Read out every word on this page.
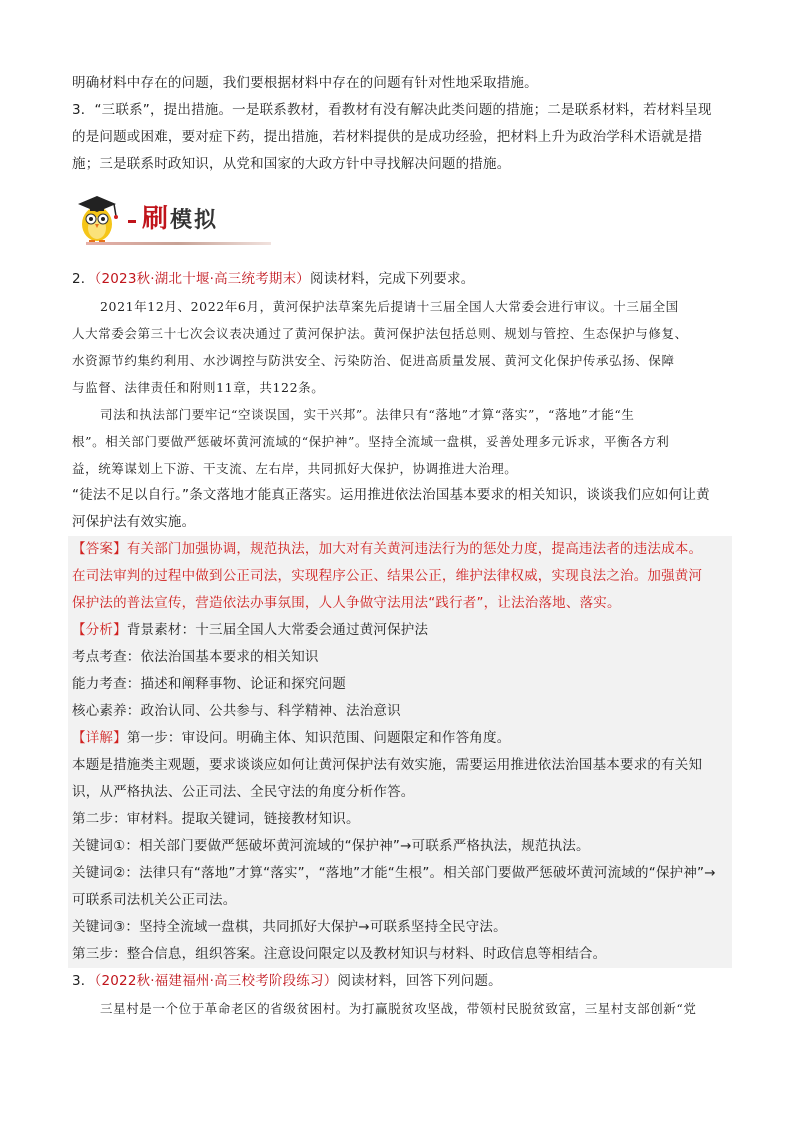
明确材料中存在的问题，我们要根据材料中存在的问题有针对性地采取措施。

3．“三联系”，提出措施。一是联系教材，看教材有没有解决此类问题的措施；二是联系材料，若材料呈现

的是问题或困难，要对症下药，提出措施，若材料提供的是成功经验，把材料上升为政治学科术语就是措

施；三是联系时政知识，从党和国家的大政方针中寻找解决问题的措施。

刷模拟

2．（2023秋·湖北十堰·高三统考期末）阅读材料，完成下列要求。

2021年12月、2022年6月，黄河保护法草案先后提请十三届全国人大常委会进行审议。十三届全国

人大常委会第三十七次会议表决通过了黄河保护法。黄河保护法包括总则、规划与管控、生态保护与修复、

水资源节约集约利用、水沙调控与防洪安全、污染防治、促进高质量发展、黄河文化保护传承弘扬、保障

与监督、法律责任和附则11章，共122条。

司法和执法部门要牢记“空谈误国，实干兴邦”。法律只有“落地”才算“落实”，“落地”才能“生

根”。相关部门要做严惩破坏黄河流域的“保护神”。坚持全流域一盘棋，妥善处理多元诉求，平衡各方利

益，统筹谋划上下游、干支流、左右岸，共同抓好大保护，协调推进大治理。

“徒法不足以自行。”条文落地才能真正落实。运用推进依法治国基本要求的相关知识，谈谈我们应如何让黄

河保护法有效实施。

【答案】有关部门加强协调，规范执法，加大对有关黄河违法行为的惩处力度，提高违法者的违法成本。

在司法审判的过程中做到公正司法，实现程序公正、结果公正，维护法律权威，实现良法之治。加强黄河

保护法的普法宣传，营造依法办事氛围，人人争做守法用法“践行者”，让法治落地、落实。

【分析】背景素材：十三届全国人大常委会通过黄河保护法

考点考查：依法治国基本要求的相关知识

能力考查：描述和阐释事物、论证和探究问题

核心素养：政治认同、公共参与、科学精神、法治意识

【详解】第一步：审设问。明确主体、知识范围、问题限定和作答角度。

本题是措施类主观题，要求谈谈应如何让黄河保护法有效实施，需要运用推进依法治国基本要求的有关知

识，从严格执法、公正司法、全民守法的角度分析作答。

第二步：审材料。提取关键词，链接教材知识。

关键词①：相关部门要做严惩破坏黄河流域的“保护神”→可联系严格执法，规范执法。

关键词②：法律只有“落地”才算“落实”，“落地”才能“生根”。相关部门要做严惩破坏黄河流域的“保护神”→

可联系司法机关公正司法。

关键词③：坚持全流域一盘棋，共同抓好大保护→可联系坚持全民守法。

第三步：整合信息，组织答案。注意设问限定以及教材知识与材料、时政信息等相结合。

3．（2022秋·福建福州·高三校考阶段练习）阅读材料，回答下列问题。

三星村是一个位于革命老区的省级贫困村。为打赢脱贫攻坚战，带领村民脱贫致富，三星村支部创新“党
